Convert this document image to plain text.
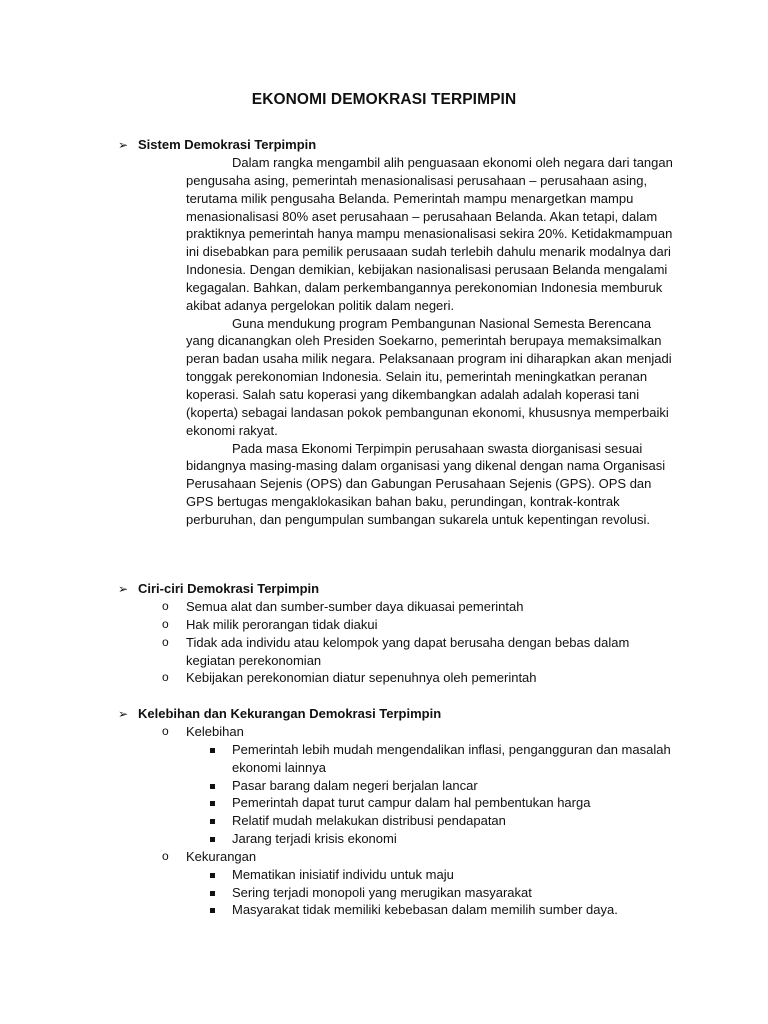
EKONOMI DEMOKRASI TERPIMPIN
➢ Sistem Demokrasi Terpimpin

Dalam rangka mengambil alih penguasaan ekonomi oleh negara dari tangan pengusaha asing, pemerintah menasionalisasi perusahaan – perusahaan asing, terutama milik pengusaha Belanda. Pemerintah mampu menargetkan mampu menasionalisasi 80% aset perusahaan – perusahaan Belanda. Akan tetapi, dalam praktiknya pemerintah hanya mampu menasionalisasi sekira 20%. Ketidakmampuan ini disebabkan para pemilik perusaaan sudah terlebih dahulu menarik modalnya dari Indonesia. Dengan demikian, kebijakan nasionalisasi perusaan Belanda mengalami kegagalan. Bahkan, dalam perkembangannya perekonomian Indonesia memburuk akibat adanya pergelokan politik dalam negeri.

Guna mendukung program Pembangunan Nasional Semesta Berencana yang dicanangkan oleh Presiden Soekarno, pemerintah berupaya memaksimalkan peran badan usaha milik negara. Pelaksanaan program ini diharapkan akan menjadi tonggak perekonomian Indonesia. Selain itu, pemerintah meningkatkan peranan koperasi. Salah satu koperasi yang dikembangkan adalah adalah koperasi tani (koperta) sebagai landasan pokok pembangunan ekonomi, khususnya memperbaiki ekonomi rakyat.

Pada masa Ekonomi Terpimpin perusahaan swasta diorganisasi sesuai bidangnya masing-masing dalam organisasi yang dikenal dengan nama Organisasi Perusahaan Sejenis (OPS) dan Gabungan Perusahaan Sejenis (GPS). OPS dan GPS bertugas mengaklokasikan bahan baku, perundingan, kontrak-kontrak perburuhan, dan pengumpulan sumbangan sukarela untuk kepentingan revolusi.

➢ Ciri-ciri Demokrasi Terpimpin
o Semua alat dan sumber-sumber daya dikuasai pemerintah
o Hak milik perorangan tidak diakui
o Tidak ada individu atau kelompok yang dapat berusaha dengan bebas dalam kegiatan perekonomian
o Kebijakan perekonomian diatur sepenuhnya oleh pemerintah
➢ Kelebihan dan Kekurangan Demokrasi Terpimpin
o Kelebihan
Pemerintah lebih mudah mengendalikan inflasi, pengangguran dan masalah ekonomi lainnya
Pasar barang dalam negeri berjalan lancar
Pemerintah dapat turut campur dalam hal pembentukan harga
Relatif mudah melakukan distribusi pendapatan
Jarang terjadi krisis ekonomi
o Kekurangan
Mematikan inisiatif individu untuk maju
Sering terjadi monopoli yang merugikan masyarakat
Masyarakat tidak memiliki kebebasan dalam memilih sumber daya.
